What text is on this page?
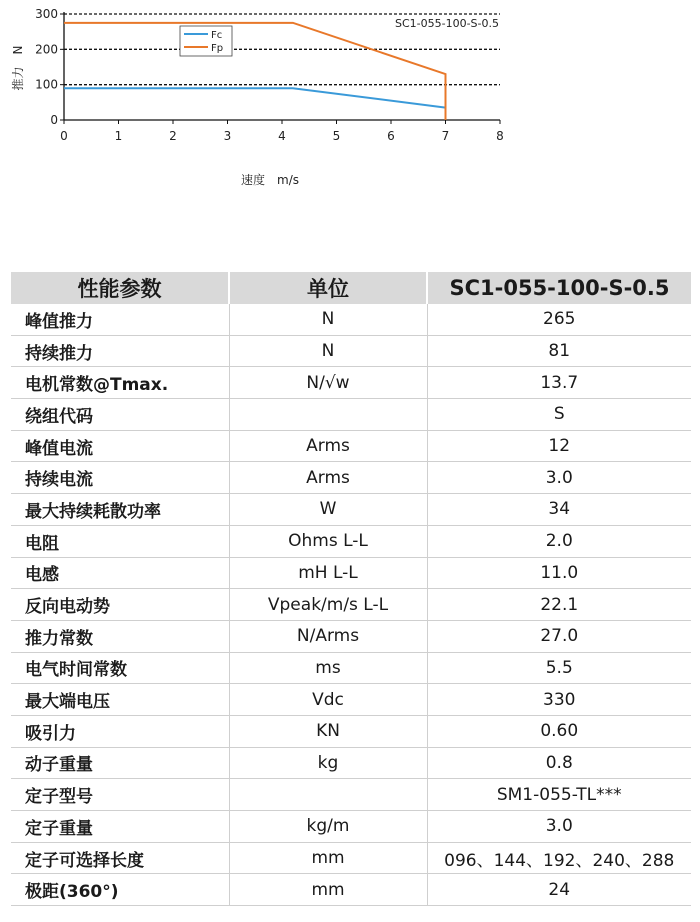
0	1	2	3	4	5	6	7	8
0
100
200
300
Fc
Fp
SC1-055-100-S-0.5
速度　m/s
推力　N
性能参数	单位	SC1-055-100-S-0.5
峰值推力	N	265
持续推力	N	81
电机常数@Tmax.	N/√w	13.7
绕组代码		S
峰值电流	Arms	12
持续电流	Arms	3.0
最大持续耗散功率	W	34
电阻	Ohms L-L	2.0
电感	mH L-L	11.0
反向电动势	Vpeak/m/s L-L	22.1
推力常数	N/Arms	27.0
电气时间常数	ms	5.5
最大端电压	Vdc	330
吸引力	KN	0.60
动子重量	kg	0.8
定子型号		SM1-055-TL***
定子重量	kg/m	3.0
定子可选择长度	mm	096、144、192、240、288
极距(360°)	mm	24
